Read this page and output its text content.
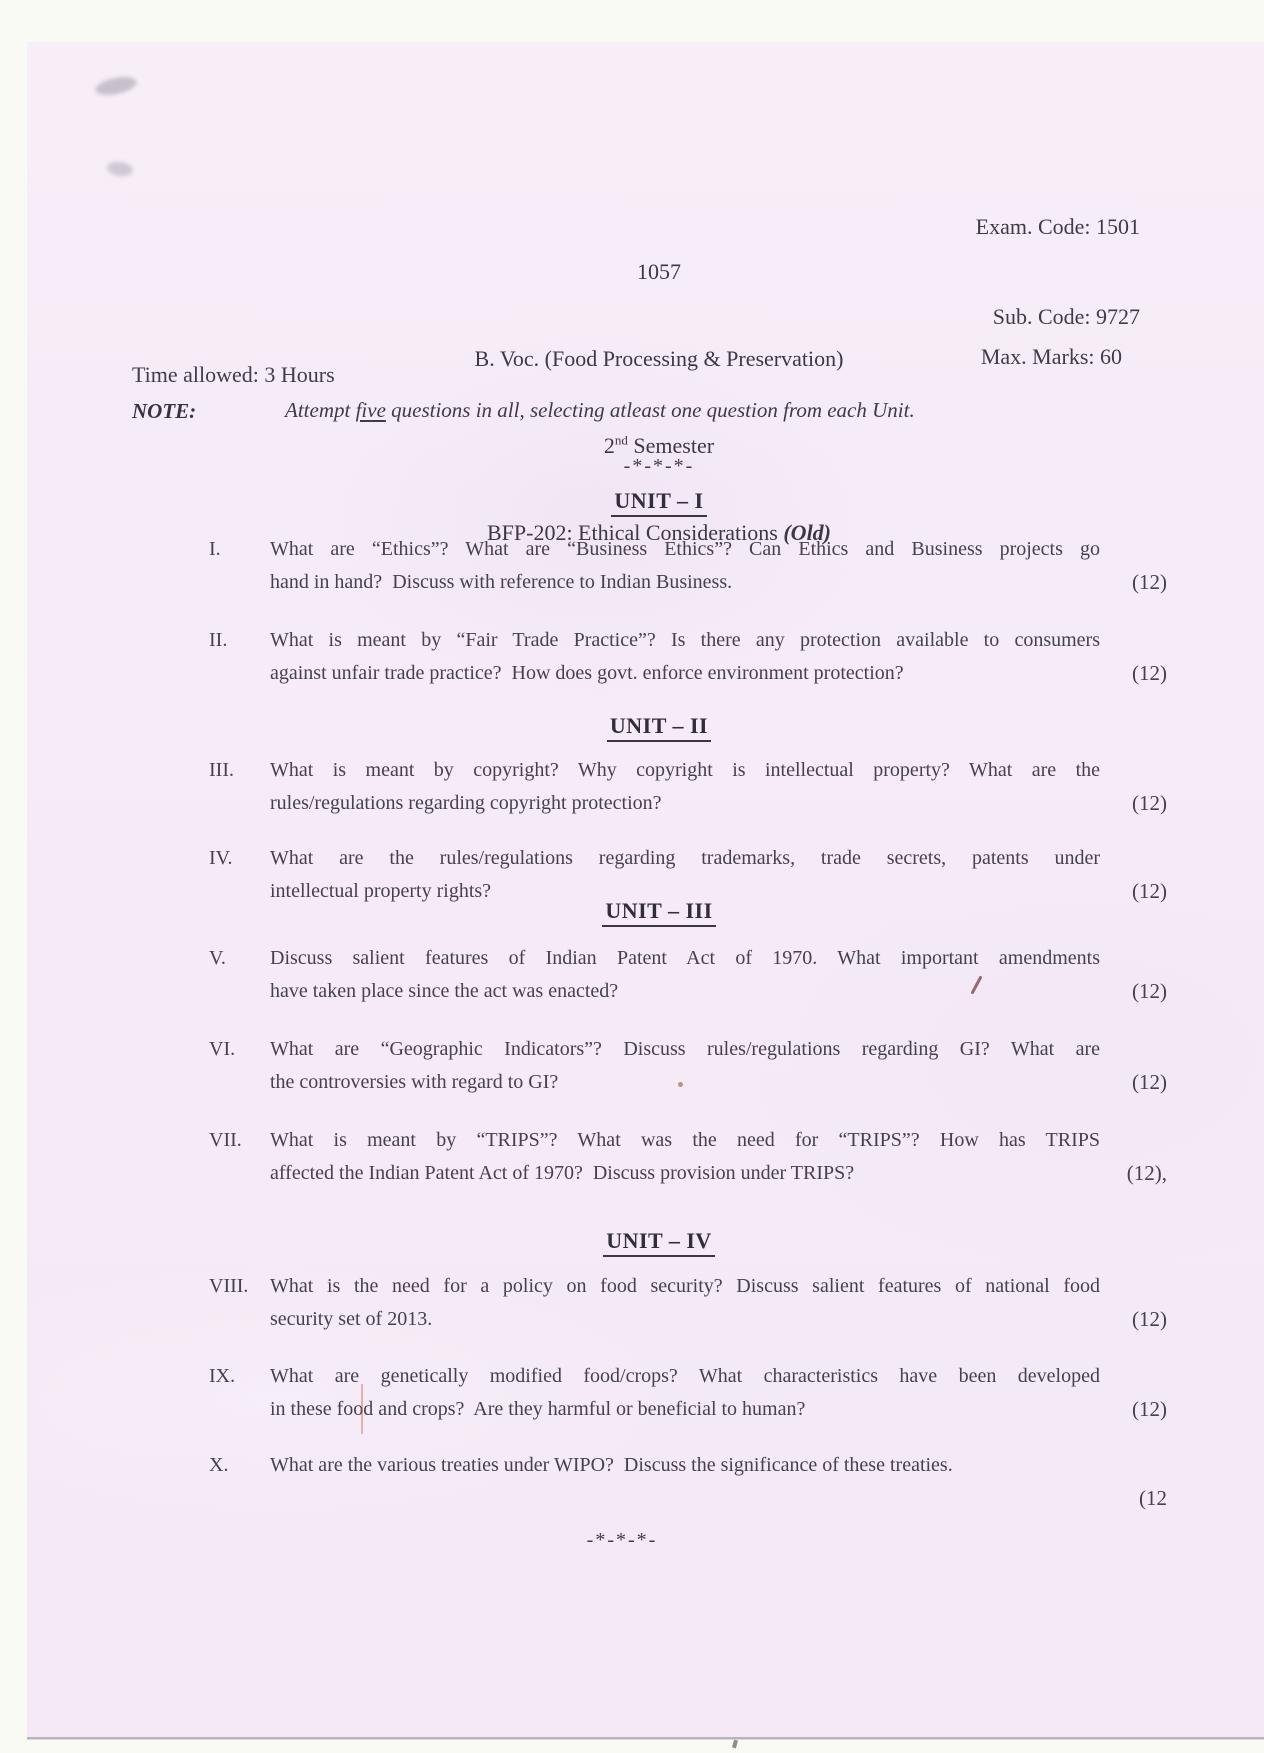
Exam. Code: 1501

Sub. Code: 9727

1057

B. Voc. (Food Processing & Preservation)

2nd Semester

BFP-202: Ethical Considerations (Old)

Time allowed: 3 Hours
Max. Marks: 60
NOTE:	Attempt five questions in all, selecting atleast one question from each Unit.
-*-*-*-
UNIT – I
I. What are “Ethics”? What are “Business Ethics”? Can Ethics and Business projects go
hand in hand?  Discuss with reference to Indian Business.	(12)
II. What is meant by “Fair Trade Practice”? Is there any protection available to consumers
against unfair trade practice?  How does govt. enforce environment protection?	(12)
UNIT – II
III. What is meant by copyright? Why copyright is intellectual property? What are the
rules/regulations regarding copyright protection?	(12)
IV. What are the rules/regulations regarding trademarks, trade secrets, patents under
intellectual property rights?	(12)
UNIT – III
V. Discuss salient features of Indian Patent Act of 1970. What important amendments
have taken place since the act was enacted?	(12)
VI. What are “Geographic Indicators”? Discuss rules/regulations regarding GI? What are
the controversies with regard to GI?	(12)
VII. What is meant by “TRIPS”? What was the need for “TRIPS”? How has TRIPS
affected the Indian Patent Act of 1970?  Discuss provision under TRIPS?	(12),
UNIT – IV
VIII. What is the need for a policy on food security? Discuss salient features of national food
security set of 2013.	(12)
IX. What are genetically modified food/crops? What characteristics have been developed
in these food and crops?  Are they harmful or beneficial to human?	(12)
X. What are the various treaties under WIPO?  Discuss the significance of these treaties.
(12
-*-*-*-
